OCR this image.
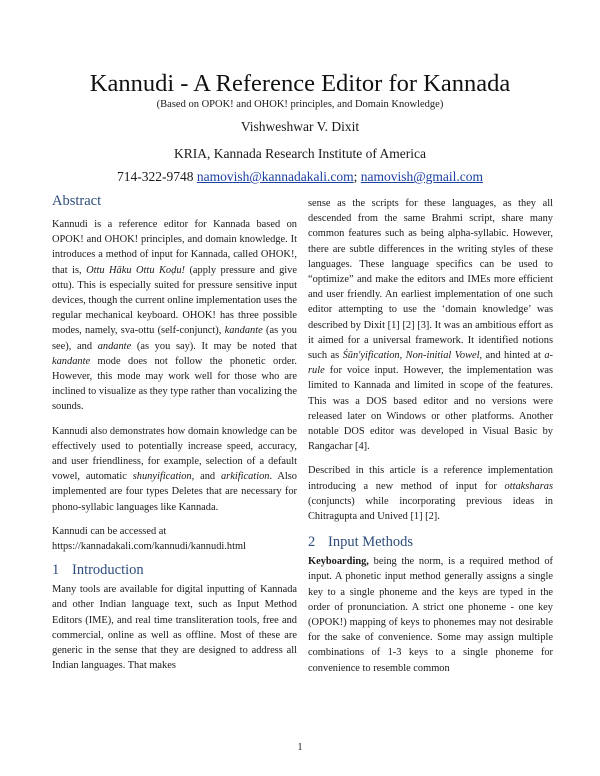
Kannudi - A Reference Editor for Kannada
(Based on OPOK! and OHOK! principles, and Domain Knowledge)
Vishweshwar V. Dixit
KRIA, Kannada Research Institute of America
714-322-9748 namovish@kannadakali.com; namovish@gmail.com
Abstract

Kannudi is a reference editor for Kannada based on OPOK! and OHOK! principles, and domain knowledge. It introduces a method of input for Kannada, called OHOK!, that is, Ottu Hāku Ottu Koḍu! (apply pressure and give ottu). This is especially suited for pressure sensitive input devices, though the current online implementation uses the regular mechanical keyboard. OHOK! has three possible modes, namely, sva-ottu (self-conjunct), kandante (as you see), and andante (as you say). It may be noted that kandante mode does not follow the phonetic order. However, this mode may work well for those who are inclined to visualize as they type rather than vocalizing the sounds.

Kannudi also demonstrates how domain knowledge can be effectively used to potentially increase speed, accuracy, and user friendliness, for example, selection of a default vowel, automatic shunyification, and arkification. Also implemented are four types Deletes that are necessary for phono-syllabic languages like Kannada.

Kannudi can be accessed at
https://kannadakali.com/kannudi/kannudi.html

1 Introduction

Many tools are available for digital inputting of Kannada and other Indian language text, such as Input Method Editors (IME), and real time transliteration tools, free and commercial, online as well as offline. Most of these are generic in the sense that they are designed to address all Indian languages. That makes

sense as the scripts for these languages, as they all descended from the same Brahmi script, share many common features such as being alpha-syllabic. However, there are subtle differences in the writing styles of these languages. These language specifics can be used to “optimize” and make the editors and IMEs more efficient and user friendly. An earliest implementation of one such editor attempting to use the ‘domain knowledge’ was described by Dixit [1] [2] [3]. It was an ambitious effort as it aimed for a universal framework. It identified notions such as Śūn'yification, Non-initial Vowel, and hinted at a-rule for voice input. However, the implementation was limited to Kannada and limited in scope of the features. This was a DOS based editor and no versions were released later on Windows or other platforms. Another notable DOS editor was developed in Visual Basic by Rangachar [4].

Described in this article is a reference implementation introducing a new method of input for ottaksharas (conjuncts) while incorporating previous ideas in Chitragupta and Unived [1] [2].

2 Input Methods

Keyboarding, being the norm, is a required method of input. A phonetic input method generally assigns a single key to a single phoneme and the keys are typed in the order of pronunciation. A strict one phoneme - one key (OPOK!) mapping of keys to phonemes may not desirable for the sake of convenience. Some may assign multiple combinations of 1-3 keys to a single phoneme for convenience to resemble common

1
